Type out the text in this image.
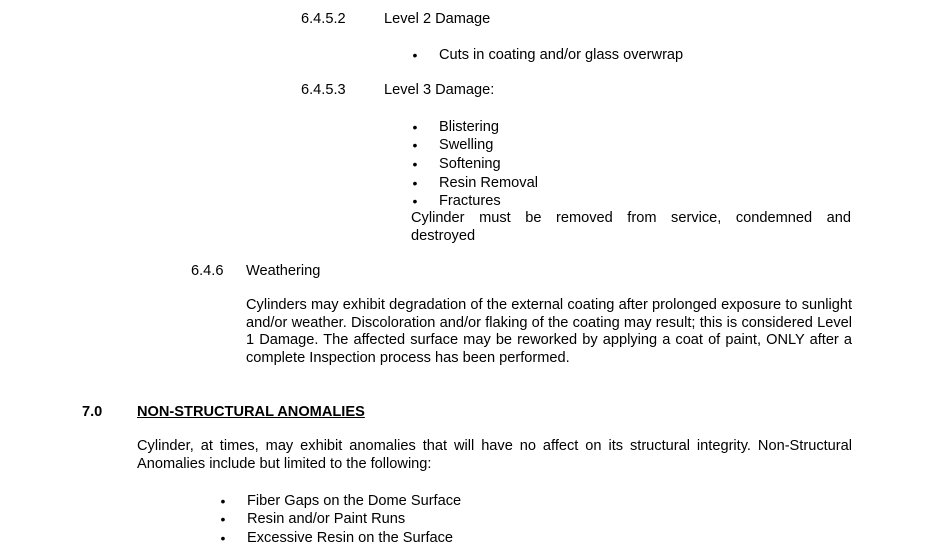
6.4.5.2	Level 2 Damage
• Cuts in coating and/or glass overwrap
6.4.5.3	Level 3 Damage:
• Blistering
• Swelling
• Softening
• Resin Removal
• Fractures
Cylinder must be removed from service, condemned and
destroyed
6.4.6 Weathering
Cylinders may exhibit degradation of the external coating after prolonged exposure to sunlight and/or weather. Discoloration and/or flaking of the coating may result; this is considered Level 1 Damage. The affected surface may be reworked by applying a coat of paint, ONLY after a complete Inspection process has been performed.
7.0 NON-STRUCTURAL ANOMALIES
Cylinder, at times, may exhibit anomalies that will have no affect on its structural integrity. Non-Structural Anomalies include but limited to the following:
• Fiber Gaps on the Dome Surface
• Resin and/or Paint Runs
• Excessive Resin on the Surface
